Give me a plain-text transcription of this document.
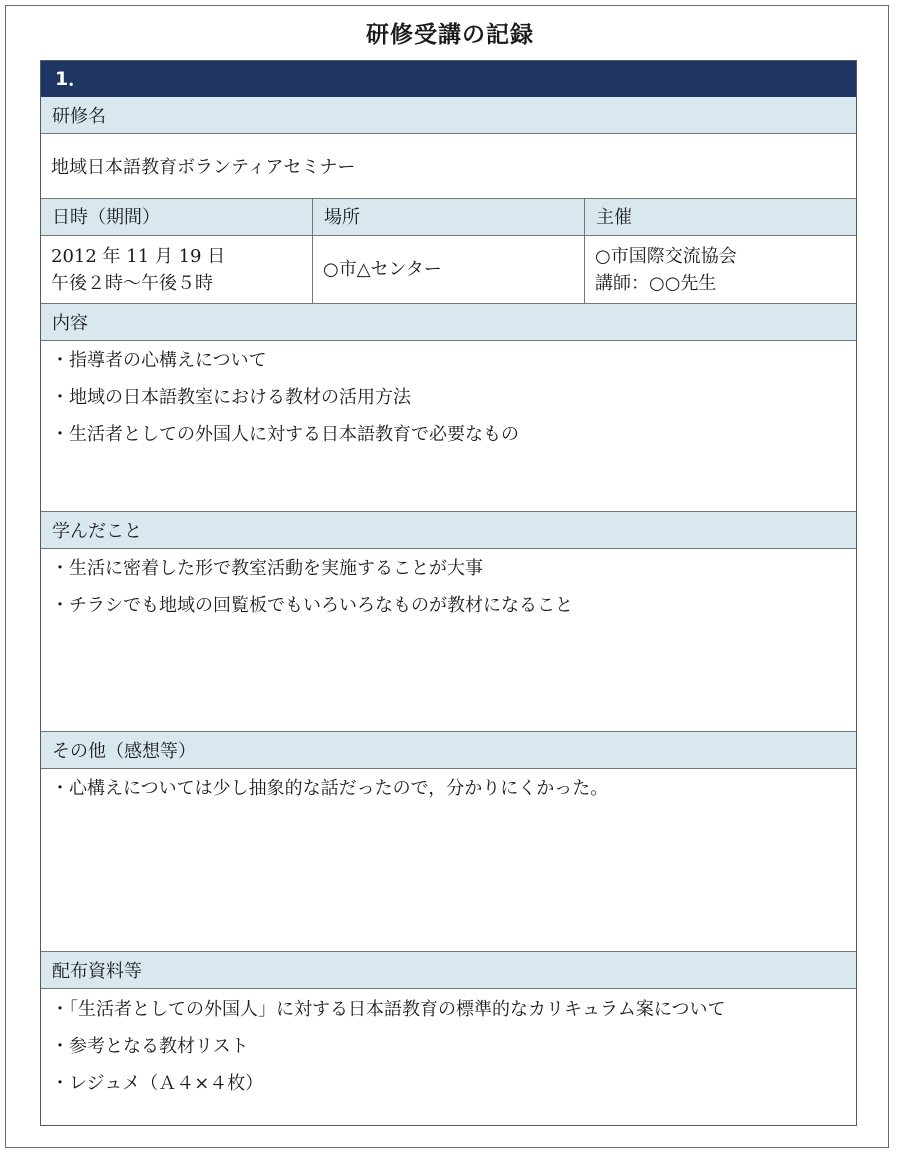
研修受講の記録
1．
研修名
地域日本語教育ボランティアセミナー
日時（期間）	場所	主催
2012 年 11 月 19 日
午後２時～午後５時
○市△センター
○市国際交流協会
講師：○○先生
内容
・指導者の心構えについて
・地域の日本語教室における教材の活用方法
・生活者としての外国人に対する日本語教育で必要なもの
学んだこと
・生活に密着した形で教室活動を実施することが大事
・チラシでも地域の回覧板でもいろいろなものが教材になること
その他（感想等）
・心構えについては少し抽象的な話だったので，分かりにくかった。
配布資料等
・「生活者としての外国人」に対する日本語教育の標準的なカリキュラム案について
・参考となる教材リスト
・レジュメ（Ａ４×４枚）
